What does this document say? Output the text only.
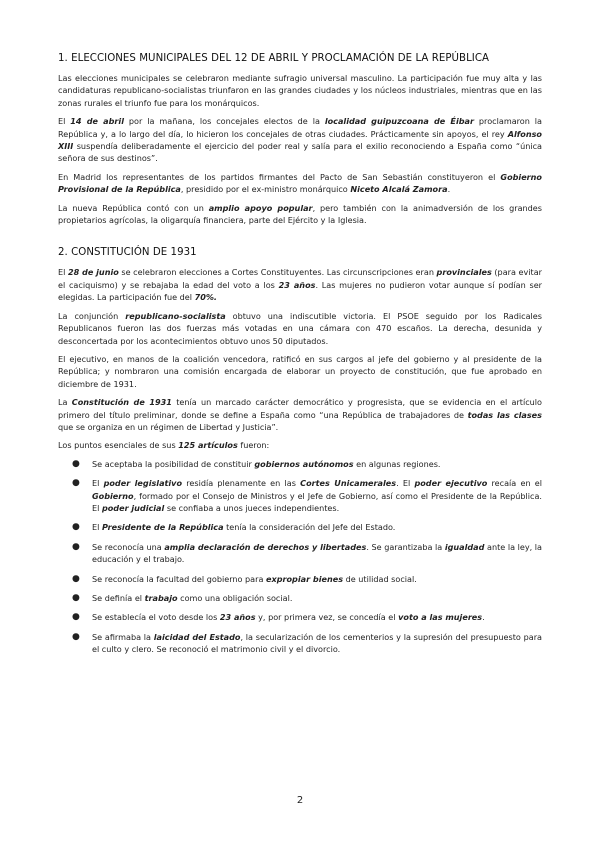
1. ELECCIONES MUNICIPALES DEL 12 DE ABRIL Y PROCLAMACIÓN DE LA REPÚBLICA

Las elecciones municipales se celebraron mediante sufragio universal masculino. La participación fue muy alta y las candidaturas republicano-socialistas triunfaron en las grandes ciudades y los núcleos industriales, mientras que en las zonas rurales el triunfo fue para los monárquicos.

El 14 de abril por la mañana, los concejales electos de la localidad guipuzcoana de Éibar proclamaron la República y, a lo largo del día, lo hicieron los concejales de otras ciudades. Prácticamente sin apoyos, el rey Alfonso XIII suspendía deliberadamente el ejercicio del poder real y salía para el exilio reconociendo a España como “única señora de sus destinos”.

En Madrid los representantes de los partidos firmantes del Pacto de San Sebastián constituyeron el Gobierno Provisional de la República, presidido por el ex-ministro monárquico Niceto Alcalá Zamora.

La nueva República contó con un amplio apoyo popular, pero también con la animadversión de los grandes propietarios agrícolas, la oligarquía financiera, parte del Ejército y la Iglesia.

2. CONSTITUCIÓN DE 1931

El 28 de junio se celebraron elecciones a Cortes Constituyentes. Las circunscripciones eran provinciales (para evitar el caciquismo) y se rebajaba la edad del voto a los 23 años. Las mujeres no pudieron votar aunque sí podían ser elegidas. La participación fue del 70%.

La conjunción republicano-socialista obtuvo una indiscutible victoria. El PSOE seguido por los Radicales Republicanos fueron las dos fuerzas más votadas en una cámara con 470 escaños. La derecha, desunida y desconcertada por los acontecimientos obtuvo unos 50 diputados.

El ejecutivo, en manos de la coalición vencedora, ratificó en sus cargos al jefe del gobierno y al presidente de la República; y nombraron una comisión encargada de elaborar un proyecto de constitución, que fue aprobado en diciembre de 1931.

La Constitución de 1931 tenía un marcado carácter democrático y progresista, que se evidencia en el artículo primero del título preliminar, donde se define a España como “una República de trabajadores de todas las clases que se organiza en un régimen de Libertad y Justicia”.

Los puntos esenciales de sus 125 artículos fueron:

● Se aceptaba la posibilidad de constituir gobiernos autónomos en algunas regiones.
● El poder legislativo residía plenamente en las Cortes Unicamerales. El poder ejecutivo recaía en el Gobierno, formado por el Consejo de Ministros y el Jefe de Gobierno, así como el Presidente de la República. El poder judicial se confiaba a unos jueces independientes.
● El Presidente de la República tenía la consideración del Jefe del Estado.
● Se reconocía una amplia declaración de derechos y libertades. Se garantizaba la igualdad ante la ley, la educación y el trabajo.
● Se reconocía la facultad del gobierno para expropiar bienes de utilidad social.
● Se definía el trabajo como una obligación social.
● Se establecía el voto desde los 23 años y, por primera vez, se concedía el voto a las mujeres.
● Se afirmaba la laicidad del Estado, la secularización de los cementerios y la supresión del presupuesto para el culto y clero. Se reconoció el matrimonio civil y el divorcio.
2
